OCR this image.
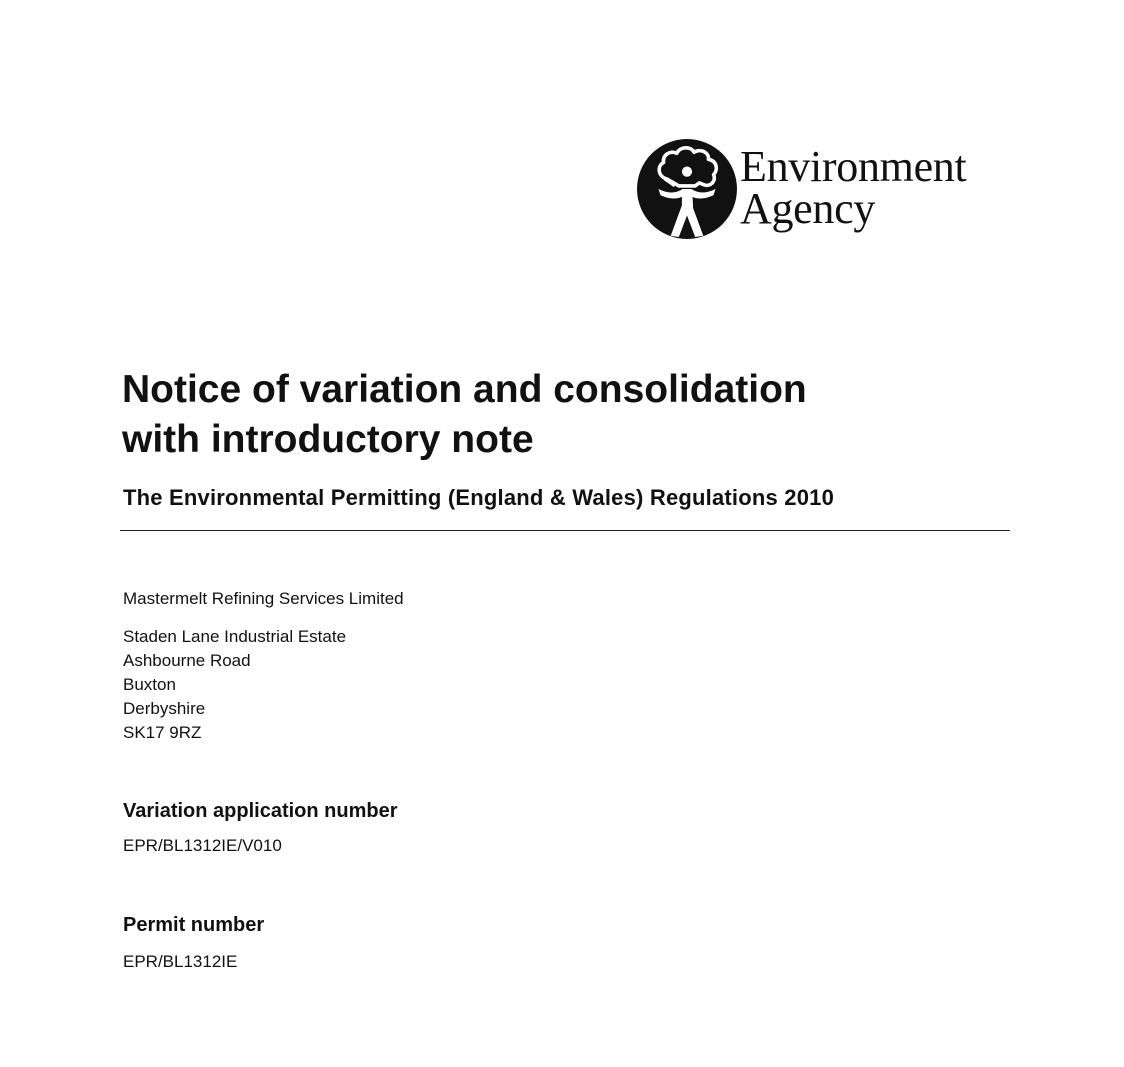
Environment
Agency
Notice of variation and consolidation
with introductory note
The Environmental Permitting (England & Wales) Regulations 2010
Mastermelt Refining Services Limited
Staden Lane Industrial Estate
Ashbourne Road
Buxton
Derbyshire
SK17 9RZ
Variation application number
EPR/BL1312IE/V010
Permit number
EPR/BL1312IE
